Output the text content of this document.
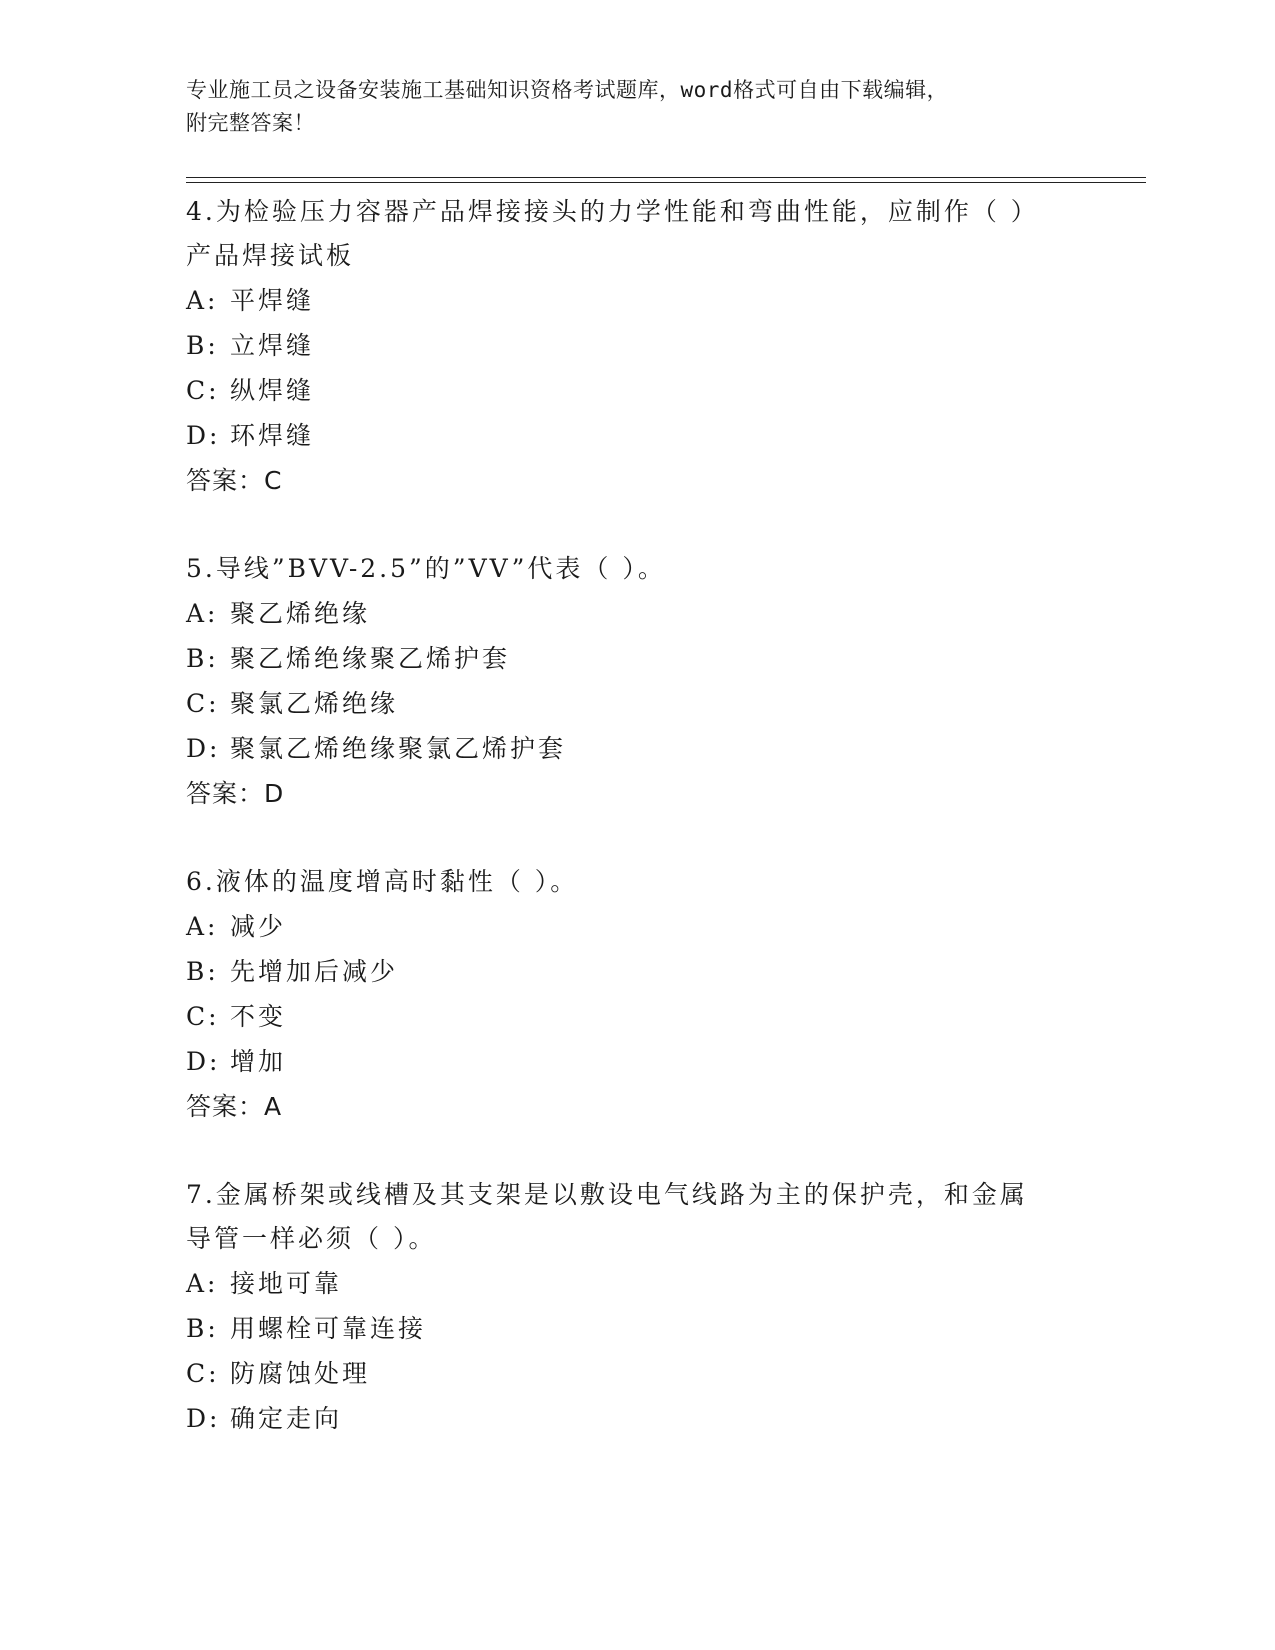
专业施工员之设备安装施工基础知识资格考试题库，word格式可自由下载编辑，
附完整答案！
4.为检验压力容器产品焊接接头的力学性能和弯曲性能，应制作（ ）
产品焊接试板
A: 平焊缝
B: 立焊缝
C: 纵焊缝
D: 环焊缝
答案：C
5.导线”BVV-2.5”的”VV”代表（ ）。
A: 聚乙烯绝缘
B: 聚乙烯绝缘聚乙烯护套
C: 聚氯乙烯绝缘
D: 聚氯乙烯绝缘聚氯乙烯护套
答案：D
6.液体的温度增高时黏性（ ）。
A: 减少
B: 先增加后减少
C: 不变
D: 增加
答案：A
7.金属桥架或线槽及其支架是以敷设电气线路为主的保护壳，和金属
导管一样必须（ ）。
A: 接地可靠
B: 用螺栓可靠连接
C: 防腐蚀处理
D: 确定走向
